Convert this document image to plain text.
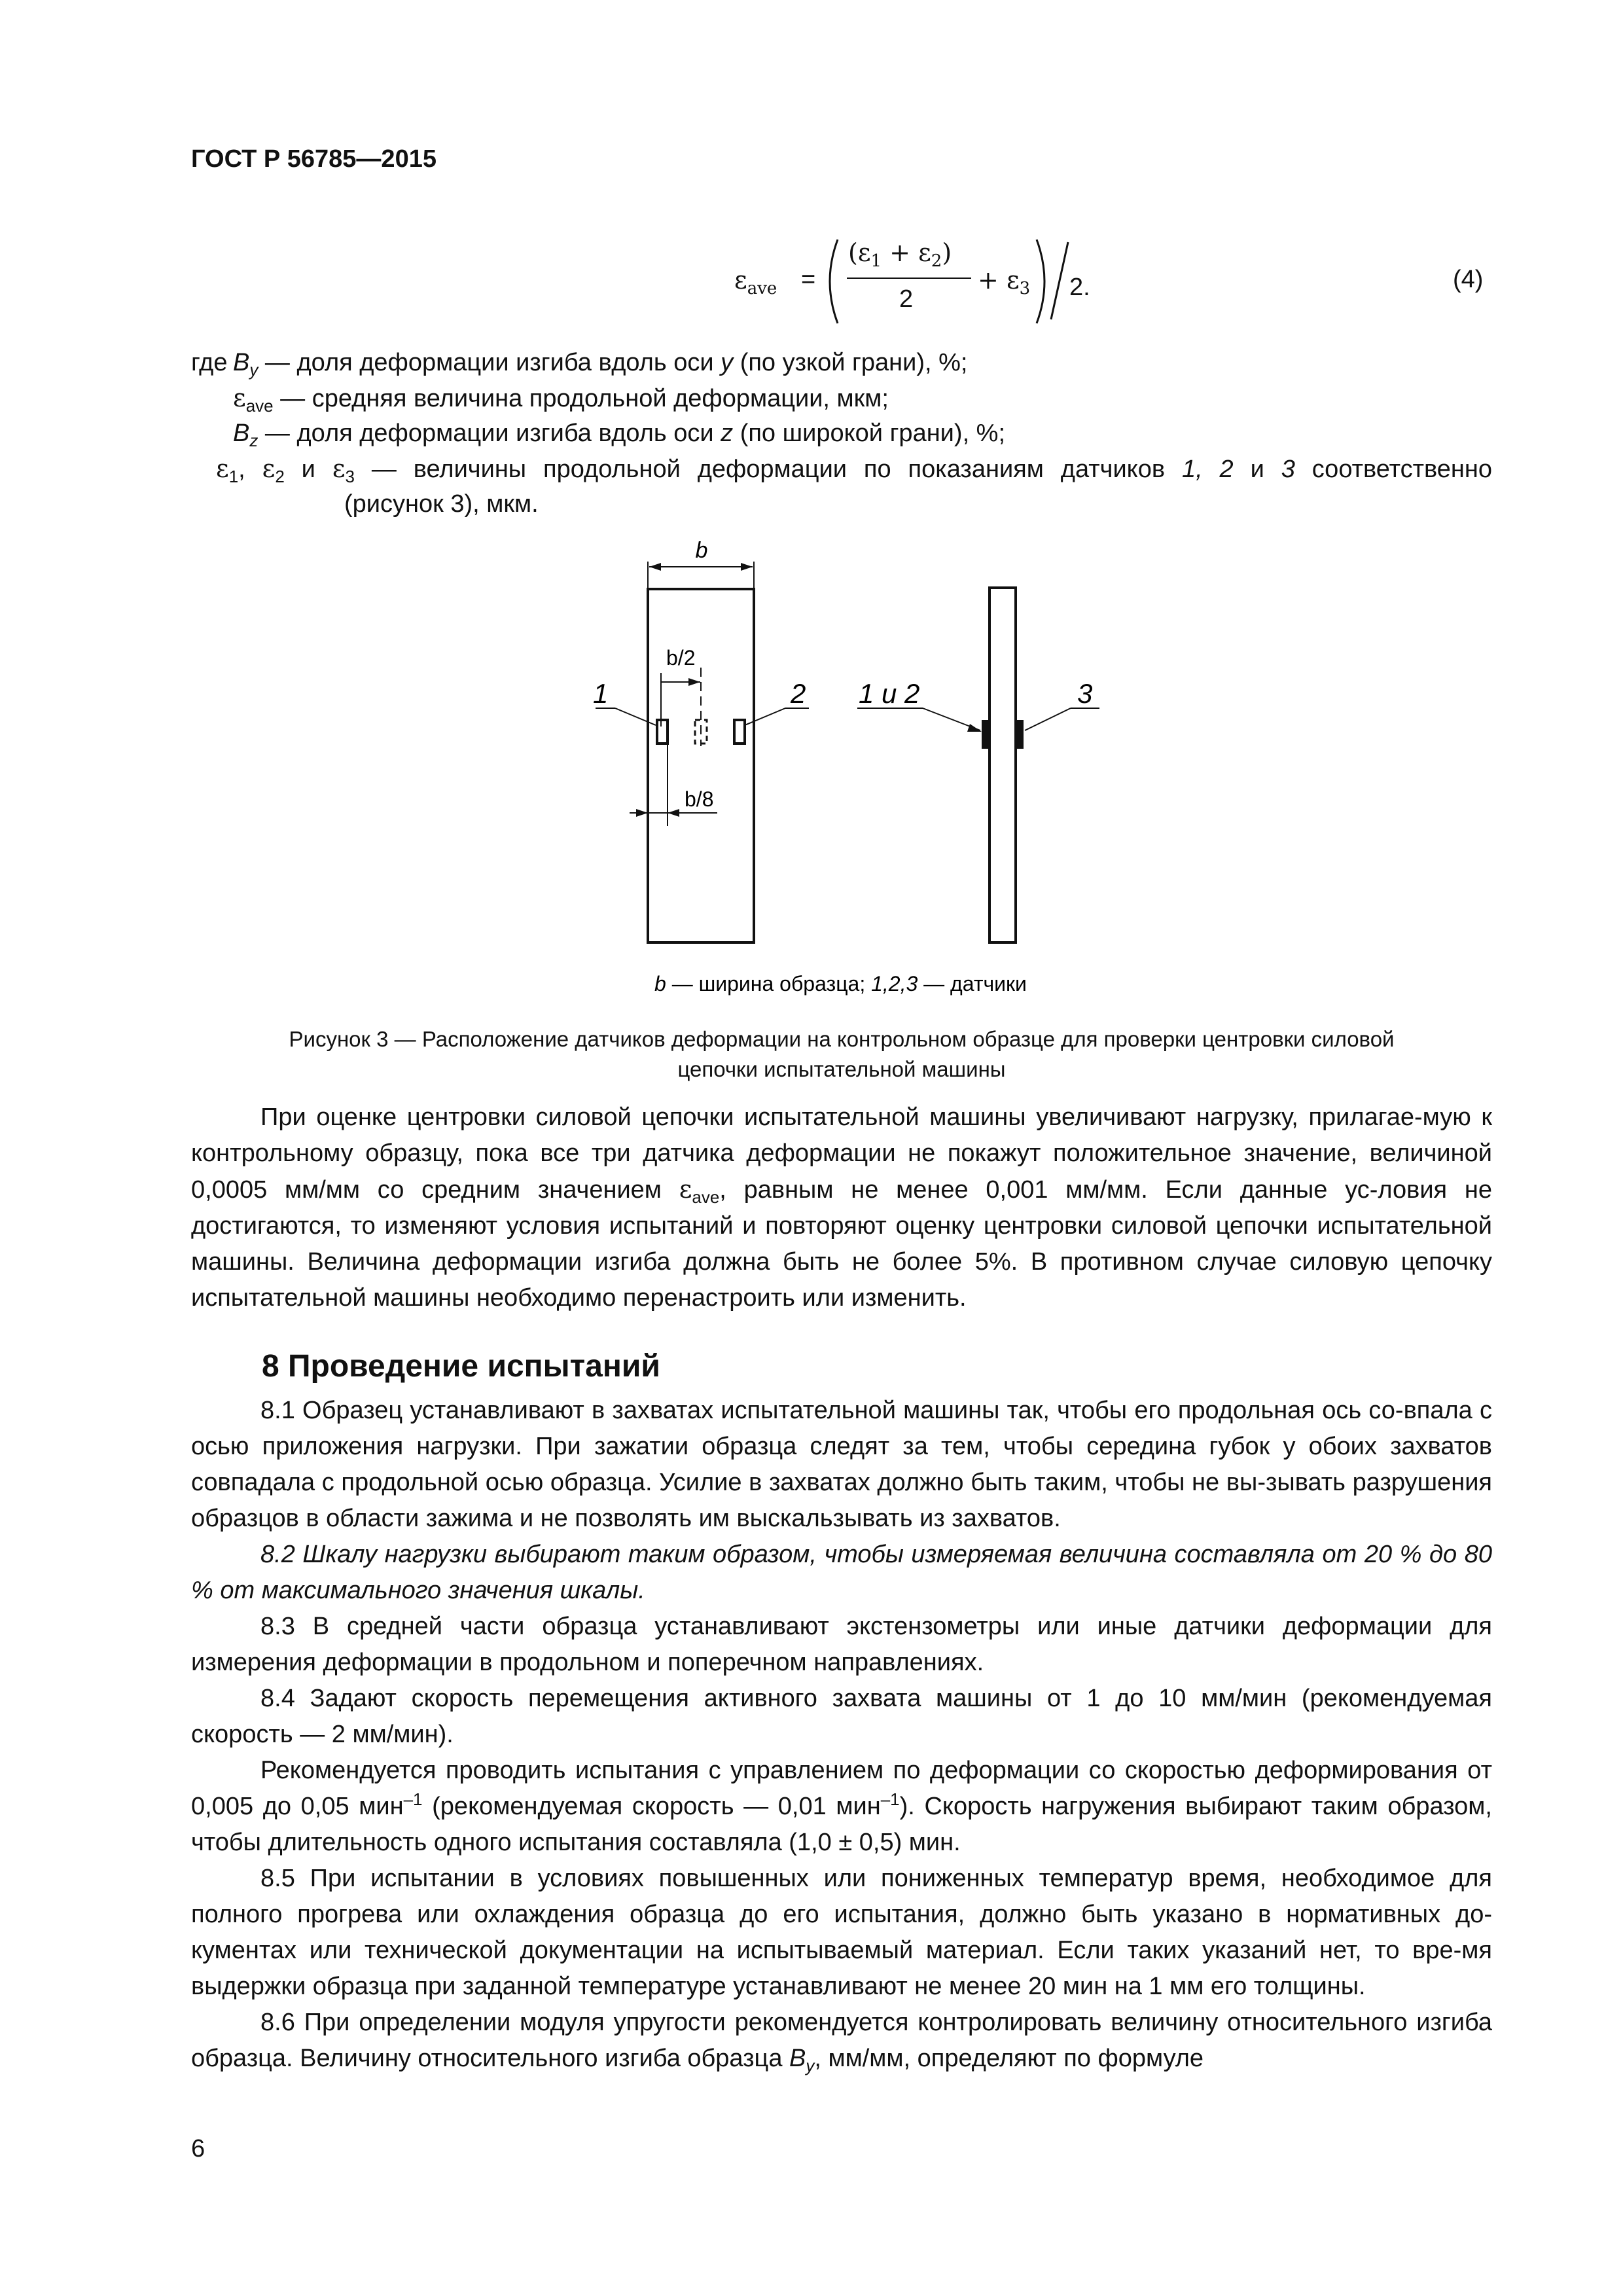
ГОСТ Р 56785—2015
$\varepsilon_{ave}$ =
$(\varepsilon_1 + \varepsilon_2)$
2
+ $\varepsilon_3$ 2.	(4)
где $B_y$ — доля деформации изгиба вдоль оси y (по узкой грани), %;
$\varepsilon_{ave}$ — средняя величина продольной деформации, мкм;
$B_z$ — доля деформации изгиба вдоль оси z (по широкой грани), %;
$\varepsilon_1$, $\varepsilon_2$ и $\varepsilon_3$ — величины продольной деформации по показаниям датчиков 1, 2 и 3 соответственно
(рисунок 3), мкм.
b
b/2
1	2
b/8
1 и 2	3
b — ширина образца; 1,2,3 — датчики
Рисунок 3 — Расположение датчиков деформации на контрольном образце для проверки центровки силовой
цепочки испытательной машины
При оценке центровки силовой цепочки испытательной машины увеличивают нагрузку, прилагае-мую к контрольному образцу, пока все три датчика деформации не покажут положительное значение, величиной 0,0005 мм/мм со средним значением $\varepsilon_{ave}$, равным не менее 0,001 мм/мм. Если данные ус-ловия не достигаются, то изменяют условия испытаний и повторяют оценку центровки силовой цепочки испытательной машины. Величина деформации изгиба должна быть не более 5%. В противном случае силовую цепочку испытательной машины необходимо перенастроить или изменить.
8 Проведение испытаний
8.1 Образец устанавливают в захватах испытательной машины так, чтобы его продольная ось со-впала с осью приложения нагрузки. При зажатии образца следят за тем, чтобы середина губок у обоих захватов совпадала с продольной осью образца. Усилие в захватах должно быть таким, чтобы не вы-зывать разрушения образцов в области зажима и не позволять им выскальзывать из захватов.
8.2 Шкалу нагрузки выбирают таким образом, чтобы измеряемая величина составляла от 20 % до 80 % от максимального значения шкалы.
8.3 В средней части образца устанавливают экстензометры или иные датчики деформации для измерения деформации в продольном и поперечном направлениях.
8.4 Задают скорость перемещения активного захвата машины от 1 до 10 мм/мин (рекомендуемая скорость — 2 мм/мин).
Рекомендуется проводить испытания с управлением по деформации со скоростью деформирования от 0,005 до 0,05 мин$^{-1}$ (рекомендуемая скорость — 0,01 мин$^{-1}$). Скорость нагружения выбирают таким образом, чтобы длительность одного испытания составляла (1,0 ± 0,5) мин.
8.5 При испытании в условиях повышенных или пониженных температур время, необходимое для полного прогрева или охлаждения образца до его испытания, должно быть указано в нормативных до-кументах или технической документации на испытываемый материал. Если таких указаний нет, то вре-мя выдержки образца при заданной температуре устанавливают не менее 20 мин на 1 мм его толщины.
8.6 При определении модуля упругости рекомендуется контролировать величину относительного изгиба образца. Величину относительного изгиба образца $B_y$, мм/мм, определяют по формуле
6
